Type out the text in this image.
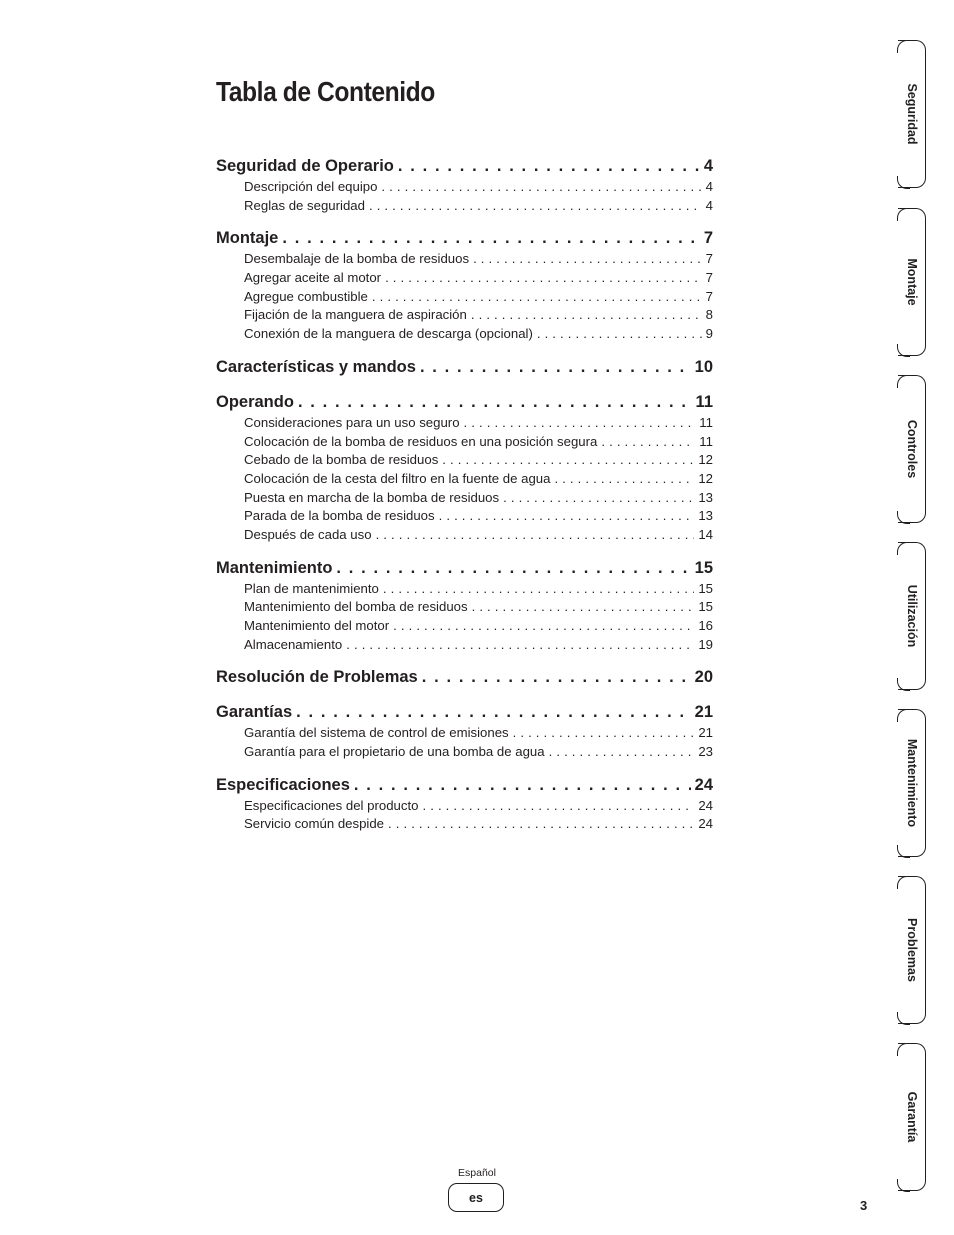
Tabla de Contenido
Seguridad de Operario . . .	4
Descripción del equipo . . .	4
Reglas de seguridad . . .	4
Montaje . . .	7
Desembalaje de la bomba de residuos . . .	7
Agregar aceite al motor . . .	7
Agregue combustible . . .	7
Fijación de la manguera de aspiración . . .	8
Conexión de la manguera de descarga (opcional) . . .	9
Características y mandos . . .	10
Operando . . .	11
Consideraciones para un uso seguro . . .	11
Colocación de la bomba de residuos en una posición segura . . .	11
Cebado de la bomba de residuos . . .	12
Colocación de la cesta del filtro en la fuente de agua . . .	12
Puesta en marcha de la bomba de residuos . . .	13
Parada de la bomba de residuos . . .	13
Después de cada uso . . .	14
Mantenimiento . . .	15
Plan de mantenimiento . . .	15
Mantenimiento del bomba de residuos . . .	15
Mantenimiento del motor . . .	16
Almacenamiento . . .	19
Resolución de Problemas . . .	20
Garantías . . .	21
Garantía del sistema de control de emisiones . . .	21
Garantía para el propietario de una bomba de agua . . .	23
Especificaciones . . .	24
Especificaciones del producto . . .	24
Servicio común despide . . .	24
Seguridad
Montaje
Controles
Utilización
Mantenimiento
Problemas
Garantía
Español
es
3
